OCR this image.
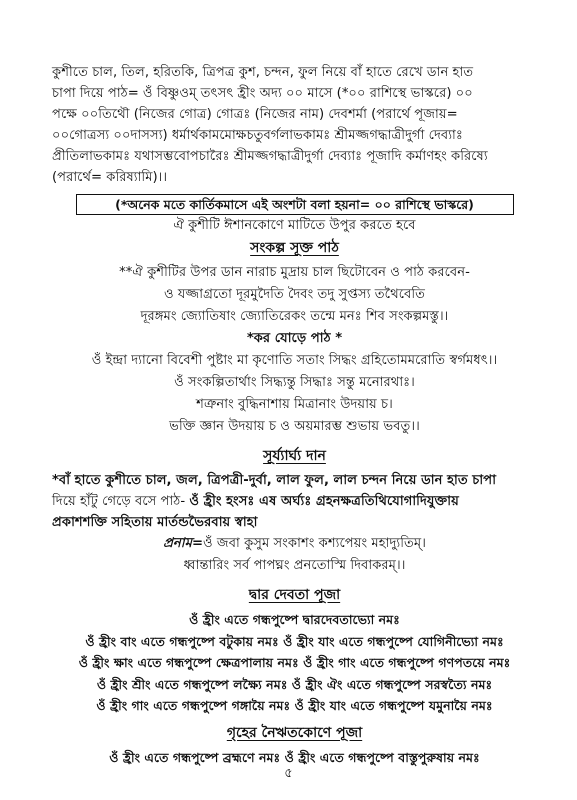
কুশীতে চাল, তিল, হরিতকি, ত্রিপত্র কুশ, চন্দন, ফুল নিয়ে বাঁ হাতে রেখে ডান হাত
চাপা দিয়ে পাঠ= ওঁ বিষ্ণুওম্ তৎসৎ হ্রীং অদ্য ০০ মাসে (*০০ রাশিস্থে ভাস্করে) ০০
পক্ষে ০০তিথৌ (নিজের গোত্র) গোত্রঃ (নিজের নাম) দেবশর্মা (পরার্থে পূজায়=
০০গোত্রস্য ০০দাসস্য) ধর্মার্থকামমোক্ষচতুবর্গলাভকামঃ শ্রীমজ্জগদ্ধাত্রীদুর্গা দেব্যাঃ
প্রীতিলাভকামঃ যথাসম্ভবোপচারৈঃ শ্রীমজ্জগদ্ধাত্রীদুর্গা দেব্যাঃ পূজাদি কর্মাণহং করিষ্যে
(পরার্থে= করিষ্যামি)।।

(*অনেক মতে কার্তিকমাসে এই অংশটা বলা হয়না= ০০ রাশিস্থে ভাস্করে)

ঐ কুশীটি ঈশানকোণে মাটিতে উপুর করতে হবে

সংকল্প সূক্ত পাঠ

**ঐ কুশীটির উপর ডান নারাচ মুদ্রায় চাল ছিটোবেন ও পাঠ করবেন-

ও যজ্জাগ্রতো দূরমুদৈতি দৈবং তদু সুপ্তস্য তথৈবেতি

দূরঙ্গমং জ্যোতিষাং জ্যোতিরেকং তন্মে মনঃ শিব সংকল্পমস্তু।।

*কর যোড়ে পাঠ *

ওঁ ইন্দ্রা দ্যানো বিবেশী পুষ্টাং মা কৃণোতি সতাং সিদ্ধং গ্রহিতোমমরোতি স্বর্গমধৎ।।

ওঁ সংকল্পিতার্থাং সিদ্ধ্যন্তু সিদ্ধাঃ সন্তু মনোরথাঃ।

শত্রুনাং বুদ্ধিনাশায় মিত্রানাং উদয়ায় চ।

ভক্তি জ্ঞান উদয়ায় চ ও অয়মারম্ভ শুভায় ভবতু।।

সূর্য্যার্ঘ্য দান

*বাঁ হাতে কুশীতে চাল, জল, ত্রিপত্রী-দুর্বা, লাল ফুল, লাল চন্দন নিয়ে ডান হাত চাপা
দিয়ে হাঁটু গেড়ে বসে পাঠ- ওঁ হ্রীং হংসঃ এষ অর্ঘ্যঃ গ্রহনক্ষত্রতিথিযোগাদিযুক্তায়
প্রকাশশক্তি সহিতায় মার্তন্ডভৈরবায় স্বাহা

প্রনাম=ওঁ জবা কুসুম সংকাশং কশ্যপেয়ং মহাদ্যুতিম্।

ধ্বান্তারিং সর্ব পাপঘ্নং প্রনতোস্মি দিবাকরম্।।

দ্বার দেবতা পূজা

ওঁ হ্রীং এতে গন্ধপুষ্পে দ্বারদেবতাভ্যো নমঃ

ওঁ হ্রীং বাং এতে গন্ধপুষ্পে বটুকায় নমঃ ওঁ হ্রীং যাং এতে গন্ধপুষ্পে যোগিনীভ্যো নমঃ

ওঁ হ্রীং ক্ষাং এতে গন্ধপুষ্পে ক্ষেত্রপালায় নমঃ ওঁ হ্রীং গাং এতে গন্ধপুষ্পে গণপতয়ে নমঃ

ওঁ হ্রীং শ্রীং এতে গন্ধপুষ্পে লক্ষ্যৈ নমঃ ওঁ হ্রীং ঐং এতে গন্ধপুষ্পে সরস্বত্যৈ নমঃ

ওঁ হ্রীং গাং এতে গন্ধপুষ্পে গঙ্গায়ৈ নমঃ ওঁ হ্রীং যাং এতে গন্ধপুষ্পে যমুনায়ৈ নমঃ

গৃহের নৈঋতকোণে পূজা

ওঁ হ্রীং এতে গন্ধপুষ্পে ব্রহ্মণে নমঃ ওঁ হ্রীং এতে গন্ধপুষ্পে বাস্তুপুরুষায় নমঃ

৫
